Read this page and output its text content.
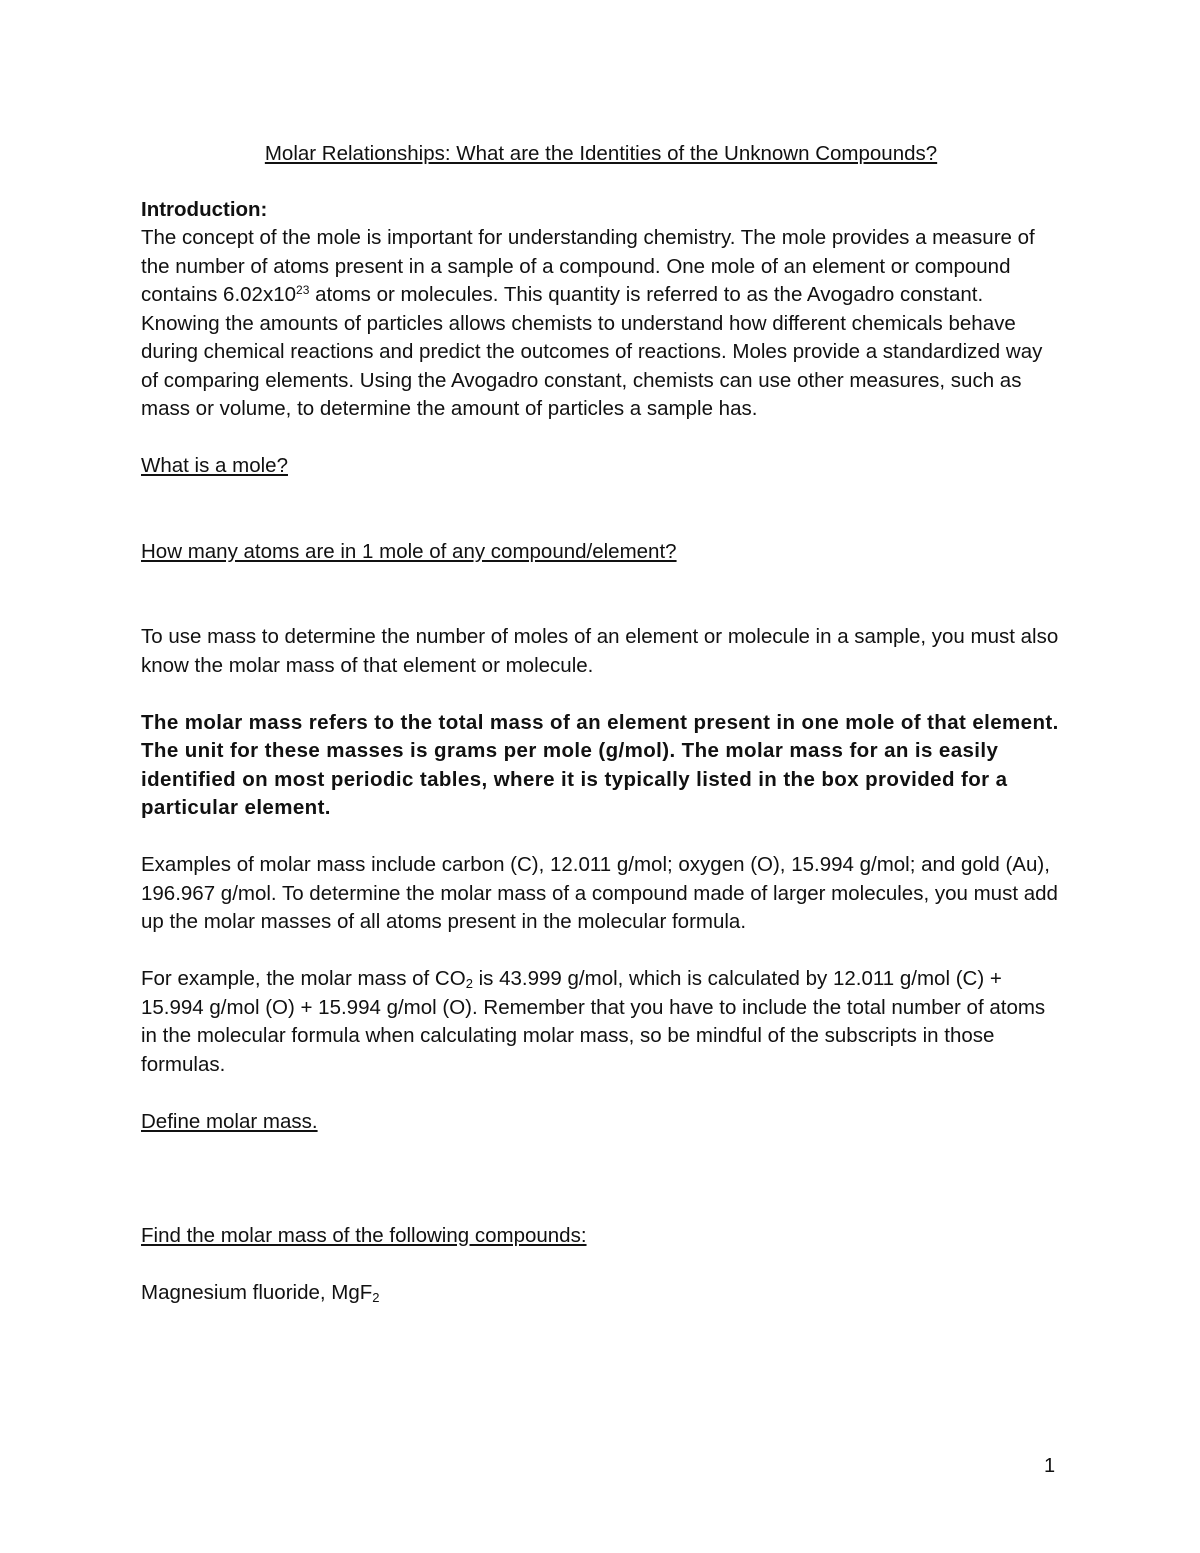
Molar Relationships: What are the Identities of the Unknown Compounds?

Introduction:

The concept of the mole is important for understanding chemistry. The mole provides a measure of the number of atoms present in a sample of a compound. One mole of an element or compound contains $6.02x10^{23}$ atoms or molecules. This quantity is referred to as the Avogadro constant. Knowing the amounts of particles allows chemists to understand how different chemicals behave during chemical reactions and predict the outcomes of reactions. Moles provide a standardized way of comparing elements. Using the Avogadro constant, chemists can use other measures, such as mass or volume, to determine the amount of particles a sample has.

What is a mole?

How many atoms are in 1 mole of any compound/element?

To use mass to determine the number of moles of an element or molecule in a sample, you must also know the molar mass of that element or molecule.

The molar mass refers to the total mass of an element present in one mole of that element. The unit for these masses is grams per mole (g/mol). The molar mass for an is easily identified on most periodic tables, where it is typically listed in the box provided for a particular element.

Examples of molar mass include carbon (C), 12.011 g/mol; oxygen (O), 15.994 g/mol; and gold (Au), 196.967 g/mol. To determine the molar mass of a compound made of larger molecules, you must add up the molar masses of all atoms present in the molecular formula.

For example, the molar mass of $CO_2$ is 43.999 g/mol, which is calculated by 12.011 g/mol (C) + 15.994 g/mol (O) + 15.994 g/mol (O). Remember that you have to include the total number of atoms in the molecular formula when calculating molar mass, so be mindful of the subscripts in those formulas.

Define molar mass.

Find the molar mass of the following compounds:

Magnesium fluoride, MgF$_2$

1
